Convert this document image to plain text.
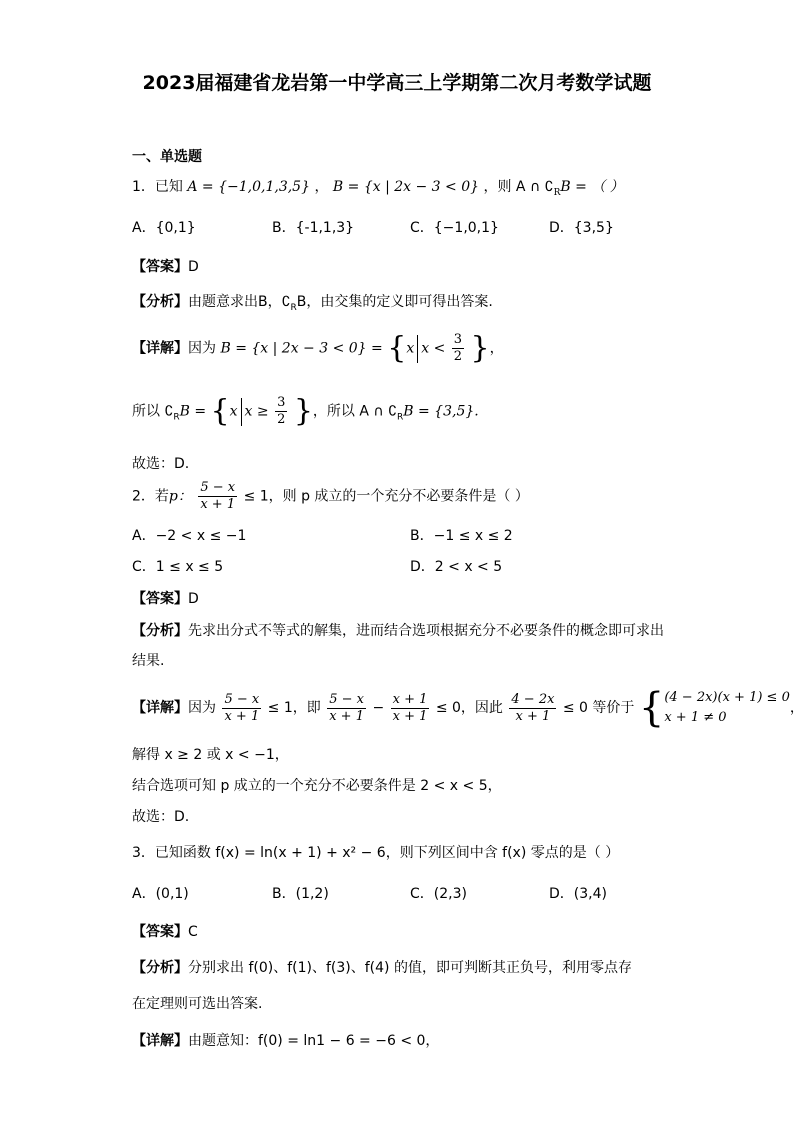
2023届福建省龙岩第一中学高三上学期第二次月考数学试题
一、单选题
1．已知 A = {−1,0,1,3,5} ， B = {x | 2x − 3 < 0} ，则 A ∩ $∁_RB$ = （ ）
A．{0,1}	B．{-1,1,3}	C．{−1,0,1}	D．{3,5}
【答案】D
【分析】由题意求出B，$∁_RB$，由交集的定义即可得出答案.
【详解】因为 B = {x | 2x − 3 < 0} = {x $x < \frac{3}{2}$ }，
所以 $∁_RB = \{x$ $x \ge \frac{3}{2}$ }，所以 A ∩ $∁_RB = \{3,5\}$.
故选：D.
2．若p： $\frac{5 - x}{x + 1} \le 1$，则 p 成立的一个充分不必要条件是（ ）
A．−2 < x ≤ −1	B．−1 ≤ x ≤ 2
C．1 ≤ x ≤ 5	D．2 < x < 5
【答案】D
【分析】先求出分式不等式的解集，进而结合选项根据充分不必要条件的概念即可求出
结果.
【详解】因为 $\frac{5 - x}{x + 1} \le 1$，即 $\frac{5 - x}{x + 1} - \frac{x + 1}{x + 1} \le 0$，因此 $\frac{4 - 2x}{x + 1} \le 0$ 等价于 { (4 − 2x)(x + 1) ≤ 0
x + 1 ≠ 0
，
解得 x ≥ 2 或 x < −1，
结合选项可知 p 成立的一个充分不必要条件是 2 < x < 5，
故选：D.
3．已知函数 f(x) = ln(x + 1) + x² − 6，则下列区间中含 f(x) 零点的是（ ）
A．(0,1)	B．(1,2)	C．(2,3)	D．(3,4)
【答案】C
【分析】分别求出 f(0)、f(1)、f(3)、f(4) 的值，即可判断其正负号，利用零点存
在定理则可选出答案.
【详解】由题意知：f(0) = ln1 − 6 = −6 < 0，
